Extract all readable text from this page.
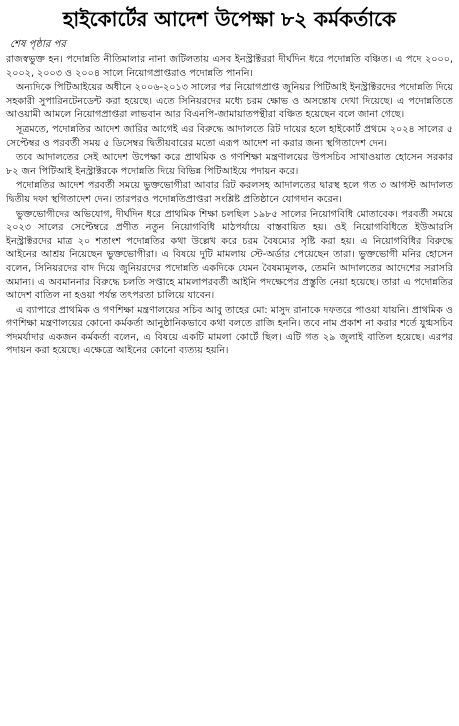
হাইকোর্টের আদেশ উপেক্ষা ৮২ কর্মকর্তাকে
শেষ পৃষ্ঠার পর

রাজস্বভুক্ত হন। পদোন্নতি নীতিমালার নানা জটিলতায় এসব ইনস্ট্রাক্টররা দীর্ঘদিন ধরে পদোন্নতি বঞ্চিত। এ পদে ২০০০, ২০০২, ২০০৩ ও ২০০৪ সালে নিয়োগপ্রাপ্তরাও পদোন্নতি পাননি।

অন্যদিকে পিটিআইয়ের অধীনে ২০০৬-২০১৩ সালের পর নিয়োগপ্রাপ্ত জুনিয়র পিটিআই ইনস্ট্রাক্টরদের পদোন্নতি দিয়ে সহকারী সুপারিনটেনডেন্ট করা হয়েছে। এতে সিনিয়রদের মধ্যে চরম ক্ষোভ ও অসন্তোষ দেখা দিয়েছে। এ পদোন্নতিতে আওয়ামী আমলে নিয়োগপ্রাপ্তরা লাভবান আর বিএনপি-জামায়াতপন্থীরা বঞ্চিত হয়েছেন বলে জানা গেছে।

সূত্রমতে, পদোন্নতির আদেশ জারির আগেই এর বিরুদ্ধে আদালতে রিট দায়ের হলে হাইকোর্ট প্রথমে ২০২৪ সালের ৫ সেপ্টেম্বর ও পরবর্তী সময় ৫ ডিসেম্বর দ্বিতীয়বারের মতো এরূপ আদেশ না করার জন্য স্থগিতাদেশ দেন।

তবে আদালতের সেই আদেশ উপেক্ষা করে প্রাথমিক ও গণশিক্ষা মন্ত্রণালয়ের উপসচিব সাখাওয়াত হোসেন সরকার ৮২ জন পিটিআই ইনস্ট্রাক্টরকে পদোন্নতি দিয়ে বিভিন্ন পিটিআইয়ে পদায়ন করে।

পদোন্নতির আদেশ পরবর্তী সময়ে ভুক্তভোগীরা আবার রিট করলসহ আদালতের দ্বারস্থ হলে গত ৩ আগস্ট আদালত দ্বিতীয় দফা স্থগিতাদেশ দেন। তারপরও পদোন্নতিপ্রাপ্তরা সংশ্লিষ্ট প্রতিষ্ঠানে যোগদান করেন।

ভুক্তভোগীদের অভিযোগ, দীর্ঘদিন ধরে প্রাথমিক শিক্ষা চলছিল ১৯৮৫ সালের নিয়োগবিধি মোতাবেক। পরবর্তী সময়ে ২০২৩ সালের সেপ্টেম্বরে প্রণীত নতুন নিয়োগবিধি মাঠপর্যায়ে বাস্তবায়িত হয়। ওই নিয়োগবিধিতে ইউআরসি ইনস্ট্রাক্টরদের মাত্র ২০ শতাংশ পদোন্নতির কথা উল্লেখ করে চরম বৈষম্যের সৃষ্টি করা হয়। এ নিয়োগবিধির বিরুদ্ধে আইনের আশ্রয় নিয়েছেন ভুক্তভোগীরা। এ বিষয়ে দুটি মামলায় স্টে-অর্ডার পেয়েছেন তারা। ভুক্তভোগী মনির হোসেন বলেন, সিনিয়রদের বাদ দিয়ে জুনিয়রদের পদোন্নতি একদিকে যেমন বৈষম্যমূলক, তেমনি আদালতের আদেশের সরাসরি অমান্য। এ অবমাননার বিরুদ্ধে চলতি সপ্তাহে মামলাপরবর্তী আইনি পদক্ষেপের প্রস্তুতি নেয়া হয়েছে। তারা এ পদোন্নতির আদেশ বাতিল না হওয়া পর্যন্ত তৎপরতা চালিয়ে যাবেন।

এ ব্যাপারে প্রাথমিক ও গণশিক্ষা মন্ত্রণালয়ের সচিব আবু তাহের মো: মাসুদ রানাকে দফতরে পাওয়া যায়নি। প্রাথমিক ও গণশিক্ষা মন্ত্রণালয়ের কোনো কর্মকর্তা আনুষ্ঠানিকভাবে কথা বলতে রাজি হননি। তবে নাম প্রকাশ না করার শর্তে যুগ্মসচিব পদমর্যাদার একজন কর্মকর্তা বলেন, এ বিষয়ে একটি মামলা কোর্টে ছিল। এটি গত ২৯ জুলাই বাতিল হয়েছে। এরপর পদায়ন করা হয়েছে। এক্ষেত্রে আইনের কোনো ব্যত্যয় হয়নি।
